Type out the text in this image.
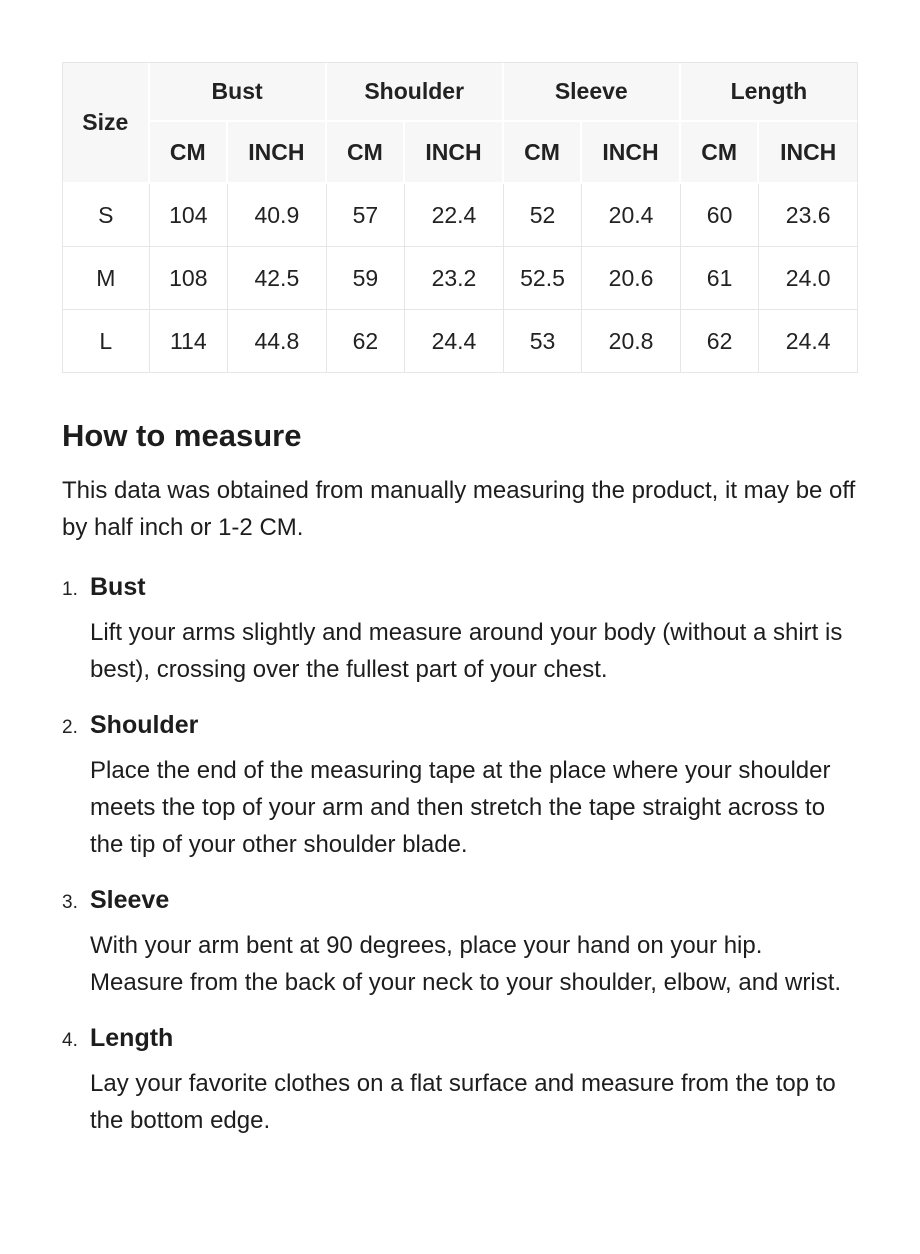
Size	Bust		Shoulder		Sleeve		Length	
	CM	INCH	CM	INCH	CM	INCH	CM	INCH
S	104	40.9	57	22.4	52	20.4	60	23.6
M	108	42.5	59	23.2	52.5	20.6	61	24.0
L	114	44.8	62	24.4	53	20.8	62	24.4
How to measure

This data was obtained from manually measuring the product, it may be off by half inch or 1-2 CM.

1. Bust

Lift your arms slightly and measure around your body (without a shirt is best), crossing over the fullest part of your chest.

2. Shoulder

Place the end of the measuring tape at the place where your shoulder meets the top of your arm and then stretch the tape straight across to the tip of your other shoulder blade.

3. Sleeve

With your arm bent at 90 degrees, place your hand on your hip. Measure from the back of your neck to your shoulder, elbow, and wrist.

4. Length

Lay your favorite clothes on a flat surface and measure from the top to the bottom edge.
